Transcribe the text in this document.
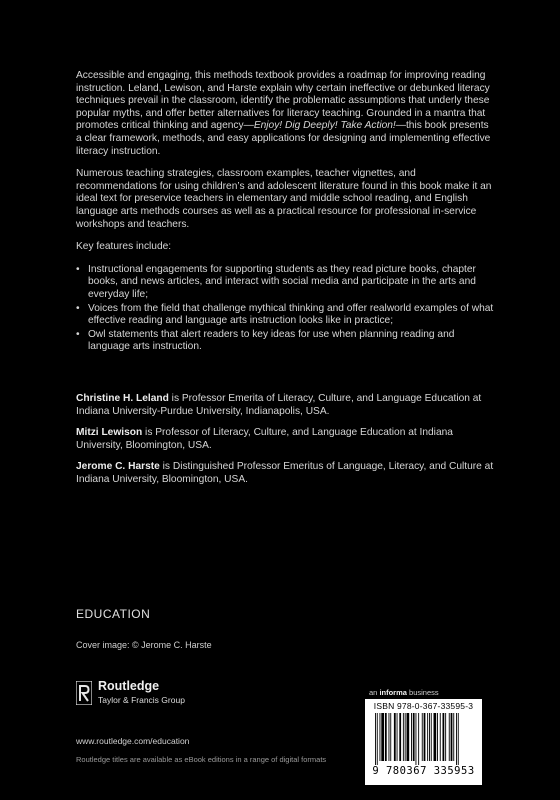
Accessible and engaging, this methods textbook provides a roadmap for improving reading instruction. Leland, Lewison, and Harste explain why certain ineffective or debunked literacy techniques prevail in the classroom, identify the problematic assumptions that underly these popular myths, and offer better alternatives for literacy teaching. Grounded in a mantra that promotes critical thinking and agency—Enjoy! Dig Deeply! Take Action!—this book presents a clear framework, methods, and easy applications for designing and implementing effective literacy instruction.

Numerous teaching strategies, classroom examples, teacher vignettes, and recommendations for using children’s and adolescent literature found in this book make it an ideal text for preservice teachers in elementary and middle school reading, and English language arts methods courses as well as a practical resource for professional in-service workshops and teachers.

Key features include:

• Instructional engagements for supporting students as they read picture books, chapter books, and news articles, and interact with social media and participate in the arts and everyday life;
• Voices from the field that challenge mythical thinking and offer realworld examples of what effective reading and language arts instruction looks like in practice;
• Owl statements that alert readers to key ideas for use when planning reading and language arts instruction.

Christine H. Leland is Professor Emerita of Literacy, Culture, and Language Education at Indiana University-Purdue University, Indianapolis, USA.

Mitzi Lewison is Professor of Literacy, Culture, and Language Education at Indiana University, Bloomington, USA.

Jerome C. Harste is Distinguished Professor Emeritus of Language, Literacy, and Culture at Indiana University, Bloomington, USA.

EDUCATION
Cover image: © Jerome C. Harste
Routledge
Taylor & Francis Group
www.routledge.com/education
Routledge titles are available as eBook editions in a range of digital formats
an informa business
ISBN 978-0-367-33595-3
9 780367 335953
